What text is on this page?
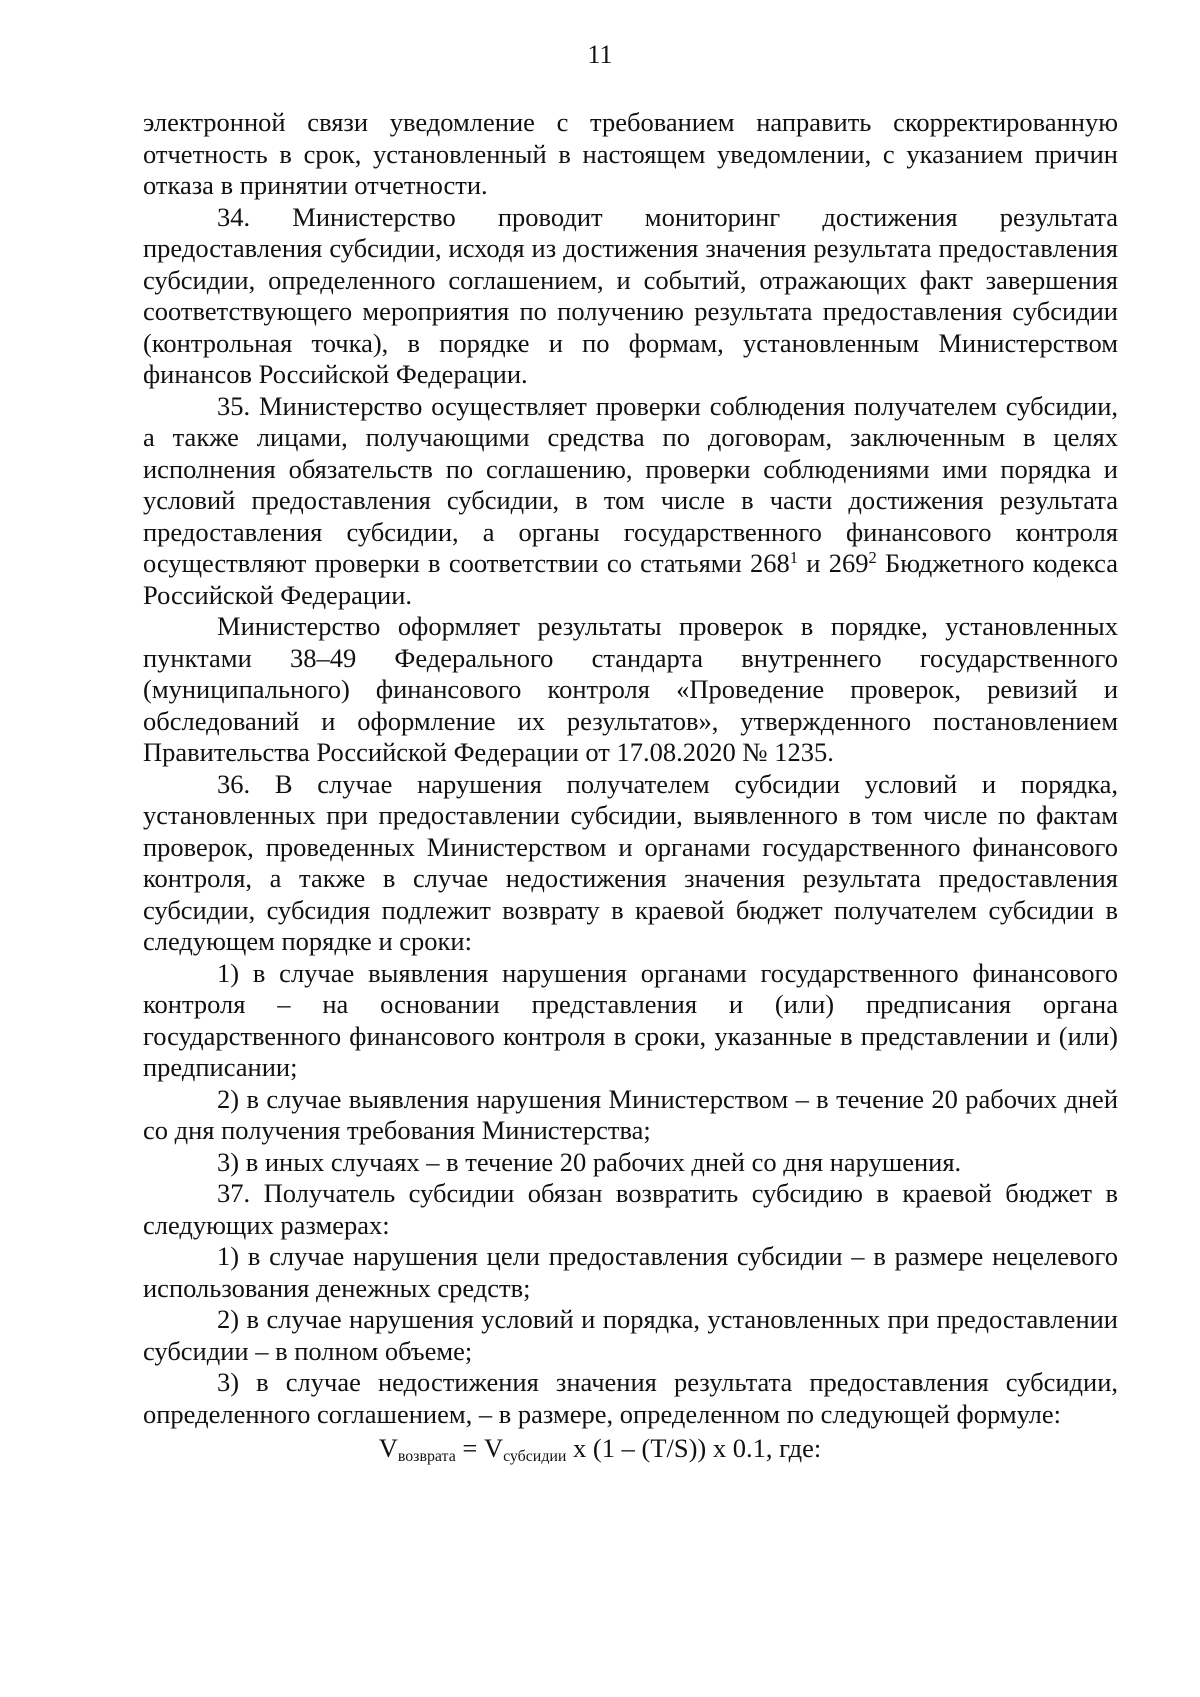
11

электронной связи уведомление с требованием направить скорректированную отчетность в срок, установленный в настоящем уведомлении, с указанием причин отказа в принятии отчетности.

34. Министерство проводит мониторинг достижения результата предоставления субсидии, исходя из достижения значения результата предоставления субсидии, определенного соглашением, и событий, отражающих факт завершения соответствующего мероприятия по получению результата предоставления субсидии (контрольная точка), в порядке и по формам, установленным Министерством финансов Российской Федерации.

35. Министерство осуществляет проверки соблюдения получателем субсидии, а также лицами, получающими средства по договорам, заключенным в целях исполнения обязательств по соглашению, проверки соблюдениями ими порядка и условий предоставления субсидии, в том числе в части достижения результата предоставления субсидии, а органы государственного финансового контроля осуществляют проверки в соответствии со статьями $268^1$ и $269^2$ Бюджетного кодекса Российской Федерации.

Министерство оформляет результаты проверок в порядке, установленных пунктами 38–49 Федерального стандарта внутреннего государственного (муниципального) финансового контроля «Проведение проверок, ревизий и обследований и оформление их результатов», утвержденного постановлением Правительства Российской Федерации от 17.08.2020 № 1235.

36. В случае нарушения получателем субсидии условий и порядка, установленных при предоставлении субсидии, выявленного в том числе по фактам проверок, проведенных Министерством и органами государственного финансового контроля, а также в случае недостижения значения результата предоставления субсидии, субсидия подлежит возврату в краевой бюджет получателем субсидии в следующем порядке и сроки:

1) в случае выявления нарушения органами государственного финансового контроля – на основании представления и (или) предписания органа государственного финансового контроля в сроки, указанные в представлении и (или) предписании;

2) в случае выявления нарушения Министерством – в течение 20 рабочих дней со дня получения требования Министерства;

3) в иных случаях – в течение 20 рабочих дней со дня нарушения.

37. Получатель субсидии обязан возвратить субсидию в краевой бюджет в следующих размерах:

1) в случае нарушения цели предоставления субсидии – в размере нецелевого использования денежных средств;

2) в случае нарушения условий и порядка, установленных при предоставлении субсидии – в полном объеме;

3) в случае недостижения значения результата предоставления субсидии, определенного соглашением, – в размере, определенном по следующей формуле:

$V_{возврата} = V_{субсидии}$ x (1 – (T/S)) x 0.1, где:
